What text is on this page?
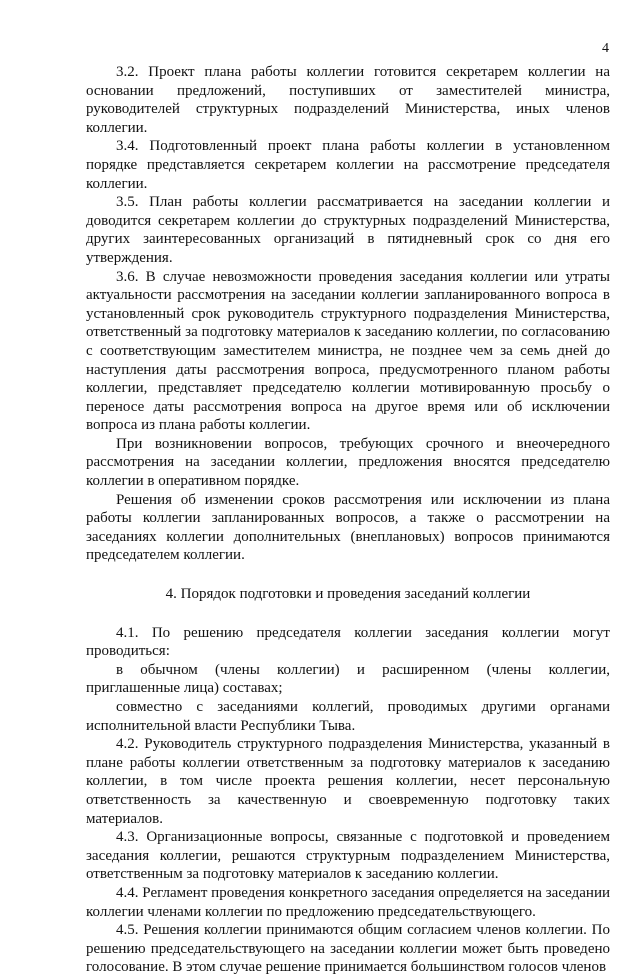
4

3.2. Проект плана работы коллегии готовится секретарем коллегии на основании предложений, поступивших от заместителей министра, руководителей структурных подразделений Министерства, иных членов коллегии.

3.4. Подготовленный проект плана работы коллегии в установленном порядке представляется секретарем коллегии на рассмотрение председателя коллегии.

3.5. План работы коллегии рассматривается на заседании коллегии и доводится секретарем коллегии до структурных подразделений Министерства, других заинтересованных организаций в пятидневный срок со дня его утверждения.

3.6. В случае невозможности проведения заседания коллегии или утраты актуальности рассмотрения на заседании коллегии запланированного вопроса в установленный срок руководитель структурного подразделения Министерства, ответственный за подготовку материалов к заседанию коллегии, по согласованию с соответствующим заместителем министра, не позднее чем за семь дней до наступления даты рассмотрения вопроса, предусмотренного планом работы коллегии, представляет председателю коллегии мотивированную просьбу о переносе даты рассмотрения вопроса на другое время или об исключении вопроса из плана работы коллегии.

При возникновении вопросов, требующих срочного и внеочередного рассмотрения на заседании коллегии, предложения вносятся председателю коллегии в оперативном порядке.

Решения об изменении сроков рассмотрения или исключении из плана работы коллегии запланированных вопросов, а также о рассмотрении на заседаниях коллегии дополнительных (внеплановых) вопросов принимаются председателем коллегии.

4. Порядок подготовки и проведения заседаний коллегии

4.1. По решению председателя коллегии заседания коллегии могут проводиться:

в обычном (члены коллегии) и расширенном (члены коллегии, приглашенные лица) составах;

совместно с заседаниями коллегий, проводимых другими органами исполнительной власти Республики Тыва.

4.2. Руководитель структурного подразделения Министерства, указанный в плане работы коллегии ответственным за подготовку материалов к заседанию коллегии, в том числе проекта решения коллегии, несет персональную ответственность за качественную и своевременную подготовку таких материалов.

4.3. Организационные вопросы, связанные с подготовкой и проведением заседания коллегии, решаются структурным подразделением Министерства, ответственным за подготовку материалов к заседанию коллегии.

4.4. Регламент проведения конкретного заседания определяется на заседании коллегии членами коллегии по предложению председательствующего.

4.5. Решения коллегии принимаются общим согласием членов коллегии. По решению председательствующего на заседании коллегии может быть проведено голосование. В этом случае решение принимается большинством голосов членов
